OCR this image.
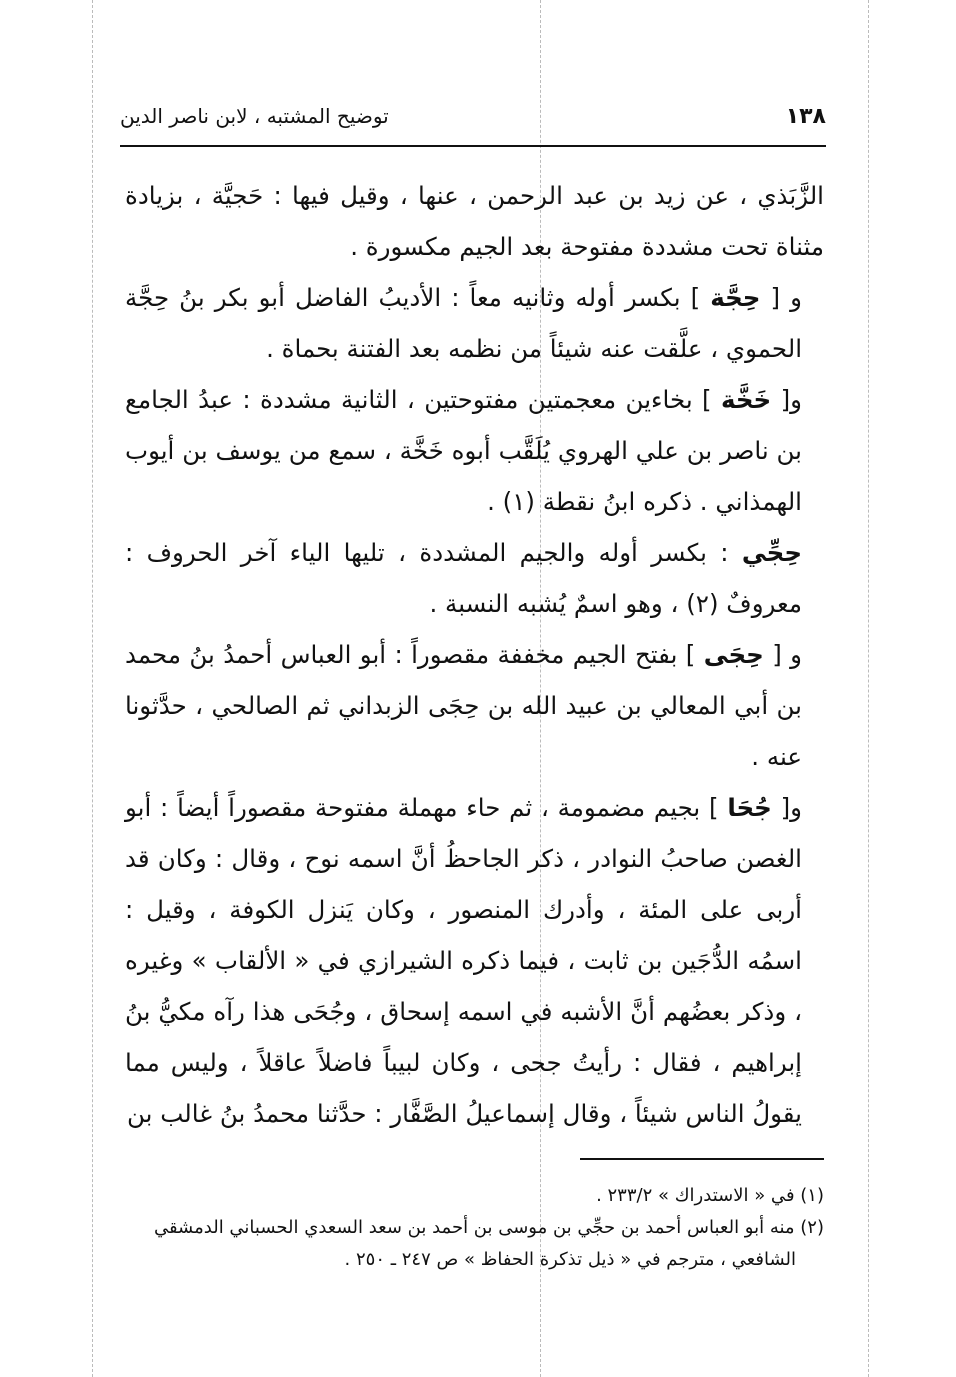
١٣٨
توضيح المشتبه ، لابن ناصر الدين

الزَّبَذي ، عن زيد بن عبد الرحمن ، عنها ، وقيل فيها : حَجيَّة ، بزيادة مثناة تحت مشددة مفتوحة بعد الجيم مكسورة .

و [ حِجَّة ] بكسر أوله وثانيه معاً : الأديبُ الفاضل أبو بكر بنُ حِجَّة الحموي ، علَّقت عنه شيئاً من نظمه بعد الفتنة بحماة .

و[ خَخَّة ] بخاءين معجمتين مفتوحتين ، الثانية مشددة : عبدُ الجامع بن ناصر بن علي الهروي يُلَقَّب أبوه خَخَّة ، سمع من يوسف بن أيوب الهمذاني . ذكره ابنُ نقطة (١) .

حِجِّي : بكسر أوله والجيم المشددة ، تليها الياء آخر الحروف : معروفٌ (٢) ، وهو اسمٌ يُشبه النسبة .

و [ حِجَى ] بفتح الجيم مخففة مقصوراً : أبو العباس أحمدُ بنُ محمد بن أبي المعالي بن عبيد الله بن حِجَى الزبداني ثم الصالحي ، حدَّثونا عنه .

و[ جُحَا ] بجيم مضمومة ، ثم حاء مهملة مفتوحة مقصوراً أيضاً : أبو الغصن صاحبُ النوادر ، ذكر الجاحظُ أنَّ اسمه نوح ، وقال : وكان قد أربى على المئة ، وأدرك المنصور ، وكان يَنزل الكوفة ، وقيل : اسمُه الدُّجَين بن ثابت ، فيما ذكره الشيرازي في « الألقاب » وغيره ، وذكر بعضُهم أنَّ الأشبه في اسمه إسحاق ، وجُحَى هذا رآه مكيُّ بنُ إبراهيم ، فقال : رأيتُ جحى ، وكان لبيباً فاضلاً عاقلاً ، وليس مما يقولُ الناس شيئاً ، وقال إسماعيلُ الصَّفَّار : حدَّثنا محمدُ بنُ غالب بن

(١) في « الاستدراك » ٢٣٣/٢ .

(٢) منه أبو العباس أحمد بن حجِّي بن موسى بن أحمد بن سعد السعدي الحسباني الدمشقي

الشافعي ، مترجم في « ذيل تذكرة الحفاظ » ص ٢٤٧ ـ ٢٥٠ .
